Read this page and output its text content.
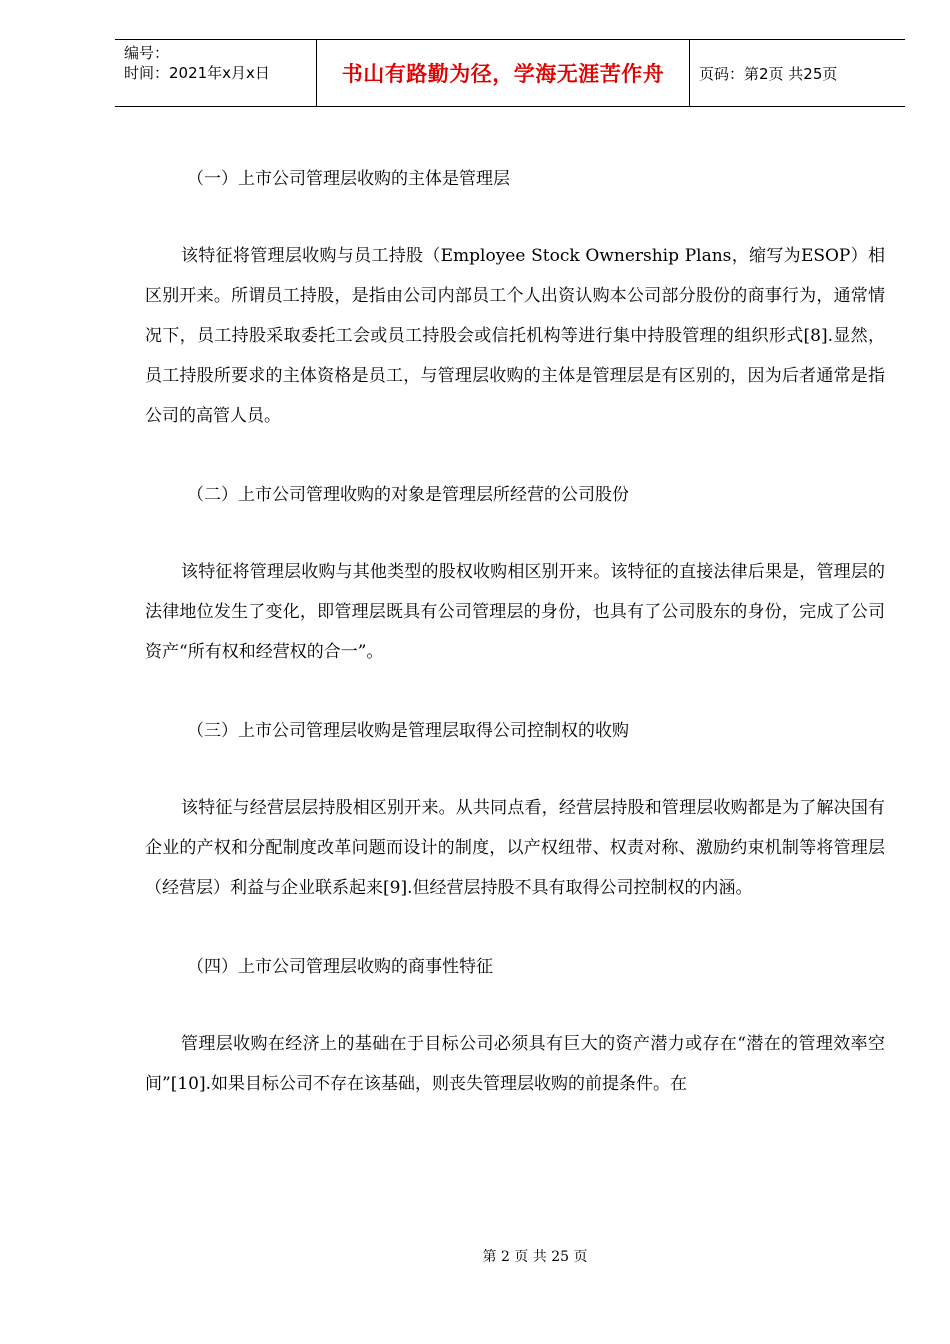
编号：
时间：2021年x月x日	书山有路勤为径，学海无涯苦作舟	页码：第2页 共25页

（一）上市公司管理层收购的主体是管理层

该特征将管理层收购与员工持股（Employee Stock Ownership Plans，缩写为ESOP）相区别开来。所谓员工持股，是指由公司内部员工个人出资认购本公司部分股份的商事行为，通常情况下，员工持股采取委托工会或员工持股会或信托机构等进行集中持股管理的组织形式[8].显然，员工持股所要求的主体资格是员工，与管理层收购的主体是管理层是有区别的，因为后者通常是指公司的高管人员。

（二）上市公司管理收购的对象是管理层所经营的公司股份

该特征将管理层收购与其他类型的股权收购相区别开来。该特征的直接法律后果是，管理层的法律地位发生了变化，即管理层既具有公司管理层的身份，也具有了公司股东的身份，完成了公司资产“所有权和经营权的合一”。

（三）上市公司管理层收购是管理层取得公司控制权的收购

该特征与经营层层持股相区别开来。从共同点看，经营层持股和管理层收购都是为了解决国有企业的产权和分配制度改革问题而设计的制度，以产权纽带、权责对称、激励约束机制等将管理层（经营层）利益与企业联系起来[9].但经营层持股不具有取得公司控制权的内涵。

（四）上市公司管理层收购的商事性特征

管理层收购在经济上的基础在于目标公司必须具有巨大的资产潜力或存在“潜在的管理效率空间”[10].如果目标公司不存在该基础，则丧失管理层收购的前提条件。在

第 2 页 共 25 页
